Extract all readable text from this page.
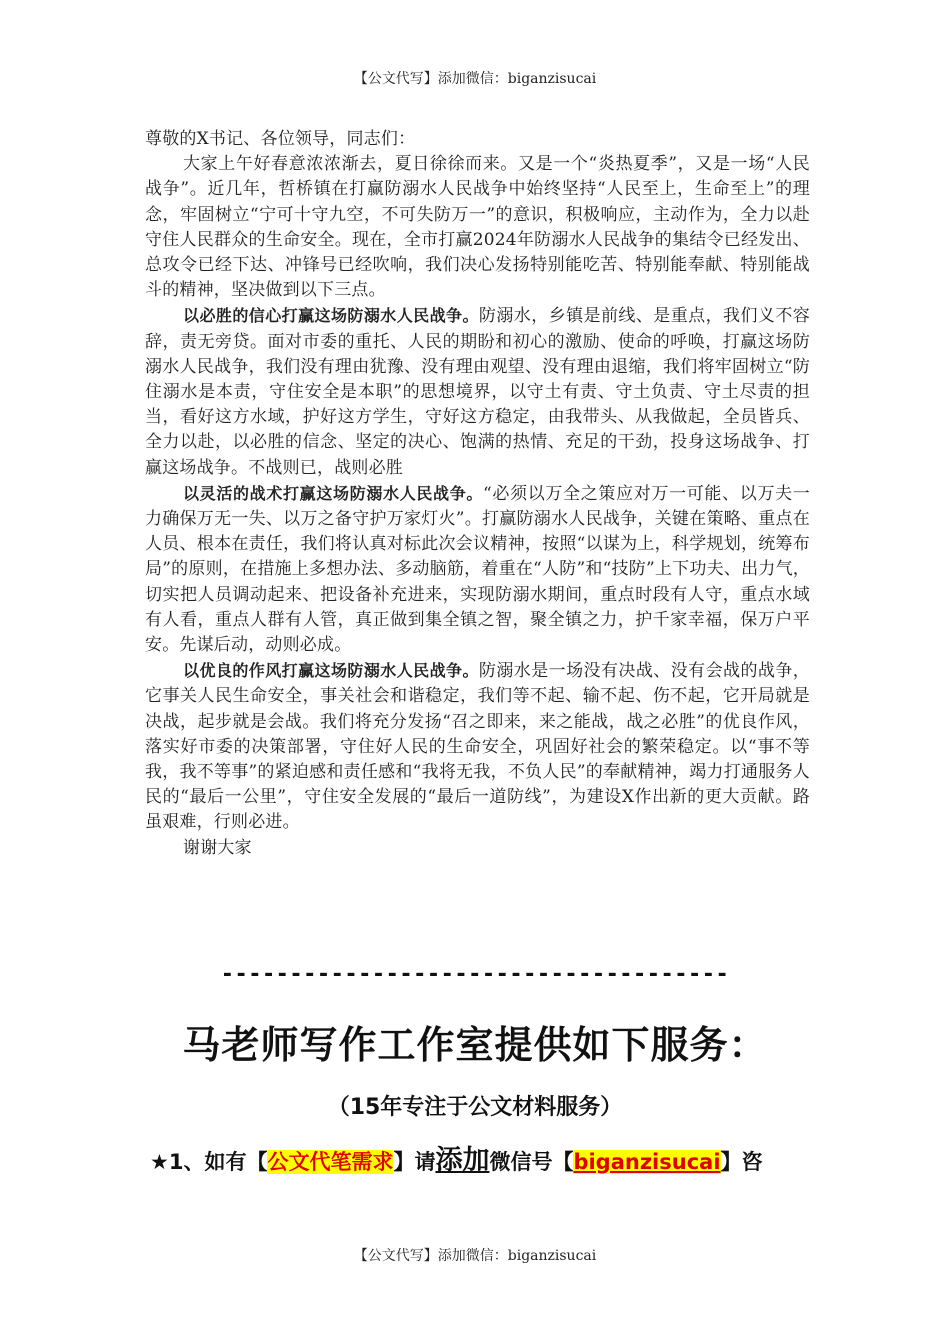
【公文代写】添加微信：biganzisucai

尊敬的X书记、各位领导，同志们：

大家上午好春意浓浓渐去，夏日徐徐而来。又是一个“炎热夏季”，又是一场“人民战争”。近几年，哲桥镇在打赢防溺水人民战争中始终坚持“人民至上，生命至上”的理念，牢固树立“宁可十守九空，不可失防万一”的意识，积极响应，主动作为，全力以赴守住人民群众的生命安全。现在，全市打赢2024年防溺水人民战争的集结令已经发出、总攻令已经下达、冲锋号已经吹响，我们决心发扬特别能吃苦、特别能奉献、特别能战斗的精神，坚决做到以下三点。

以必胜的信心打赢这场防溺水人民战争。防溺水，乡镇是前线、是重点，我们义不容辞，责无旁贷。面对市委的重托、人民的期盼和初心的激励、使命的呼唤，打赢这场防溺水人民战争，我们没有理由犹豫、没有理由观望、没有理由退缩，我们将牢固树立“防住溺水是本责，守住安全是本职”的思想境界，以守土有责、守土负责、守土尽责的担当，看好这方水域，护好这方学生，守好这方稳定，由我带头、从我做起，全员皆兵、全力以赴，以必胜的信念、坚定的决心、饱满的热情、充足的干劲，投身这场战争、打赢这场战争。不战则已，战则必胜

以灵活的战术打赢这场防溺水人民战争。“必须以万全之策应对万一可能、以万夫一力确保万无一失、以万之备守护万家灯火”。打赢防溺水人民战争，关键在策略、重点在人员、根本在责任，我们将认真对标此次会议精神，按照“以谋为上，科学规划，统筹布局”的原则，在措施上多想办法、多动脑筋，着重在“人防”和“技防”上下功夫、出力气，切实把人员调动起来、把设备补充进来，实现防溺水期间，重点时段有人守，重点水域有人看，重点人群有人管，真正做到集全镇之智，聚全镇之力，护千家幸福，保万户平安。先谋后动，动则必成。

以优良的作风打赢这场防溺水人民战争。防溺水是一场没有决战、没有会战的战争，它事关人民生命安全，事关社会和谐稳定，我们等不起、输不起、伤不起，它开局就是决战，起步就是会战。我们将充分发扬“召之即来，来之能战，战之必胜”的优良作风，落实好市委的决策部署，守住好人民的生命安全，巩固好社会的繁荣稳定。以“事不等我，我不等事”的紧迫感和责任感和“我将无我，不负人民”的奉献精神，竭力打通服务人民的“最后一公里”，守住安全发展的“最后一道防线”，为建设X作出新的更大贡献。路虽艰难，行则必进。

谢谢大家

-------------------------------------
马老师写作工作室提供如下服务：
（15年专注于公文材料服务）
★1、如有【公文代笔需求】请添加微信号【biganzisucai】咨
【公文代写】添加微信：biganzisucai
